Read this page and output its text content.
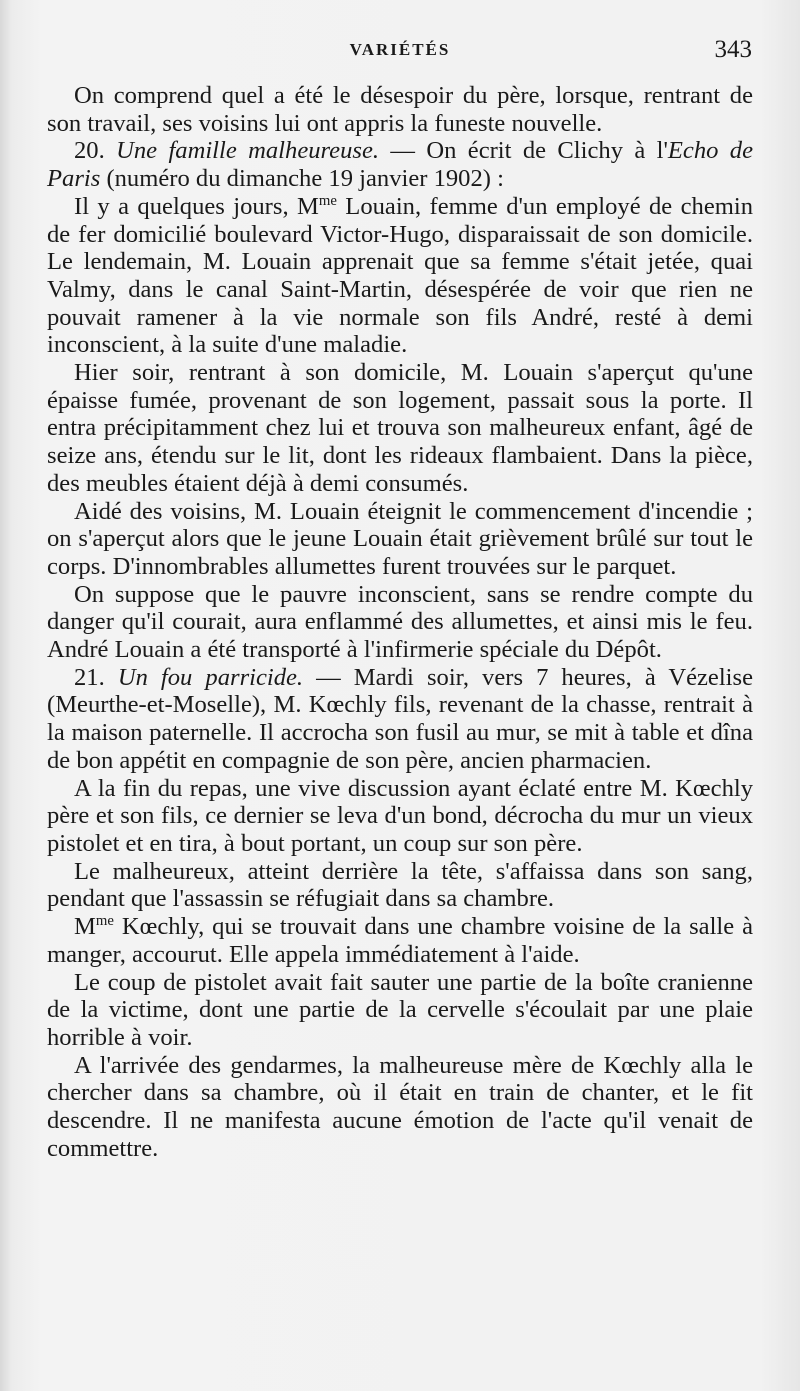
VARIÉTÉS	343

On comprend quel a été le désespoir du père, lorsque, rentrant de son travail, ses voisins lui ont appris la funeste nouvelle.

20. Une famille malheureuse. — On écrit de Clichy à l'Echo de Paris (numéro du dimanche 19 janvier 1902) :

Il y a quelques jours, $M^{me}$ Louain, femme d'un employé de chemin de fer domicilié boulevard Victor-Hugo, disparaissait de son domicile. Le lendemain, M. Louain apprenait que sa femme s'était jetée, quai Valmy, dans le canal Saint-Martin, désespérée de voir que rien ne pouvait ramener à la vie normale son fils André, resté à demi inconscient, à la suite d'une maladie.

Hier soir, rentrant à son domicile, M. Louain s'aperçut qu'une épaisse fumée, provenant de son logement, passait sous la porte. Il entra précipitamment chez lui et trouva son malheureux enfant, âgé de seize ans, étendu sur le lit, dont les rideaux flambaient. Dans la pièce, des meubles étaient déjà à demi consumés.

Aidé des voisins, M. Louain éteignit le commencement d'incendie ; on s'aperçut alors que le jeune Louain était grièvement brûlé sur tout le corps. D'innombrables allumettes furent trouvées sur le parquet.

On suppose que le pauvre inconscient, sans se rendre compte du danger qu'il courait, aura enflammé des allumettes, et ainsi mis le feu. André Louain a été transporté à l'infirmerie spéciale du Dépôt.

21. Un fou parricide. — Mardi soir, vers 7 heures, à Vézelise (Meurthe-et-Moselle), M. Kœchly fils, revenant de la chasse, rentrait à la maison paternelle. Il accrocha son fusil au mur, se mit à table et dîna de bon appétit en compagnie de son père, ancien pharmacien.

A la fin du repas, une vive discussion ayant éclaté entre M. Kœchly père et son fils, ce dernier se leva d'un bond, décrocha du mur un vieux pistolet et en tira, à bout portant, un coup sur son père.

Le malheureux, atteint derrière la tête, s'affaissa dans son sang, pendant que l'assassin se réfugiait dans sa chambre.

$M^{me}$ Kœchly, qui se trouvait dans une chambre voisine de la salle à manger, accourut. Elle appela immédiatement à l'aide.

Le coup de pistolet avait fait sauter une partie de la boîte cranienne de la victime, dont une partie de la cervelle s'écoulait par une plaie horrible à voir.

A l'arrivée des gendarmes, la malheureuse mère de Kœchly alla le chercher dans sa chambre, où il était en train de chanter, et le fit descendre. Il ne manifesta aucune émotion de l'acte qu'il venait de commettre.
